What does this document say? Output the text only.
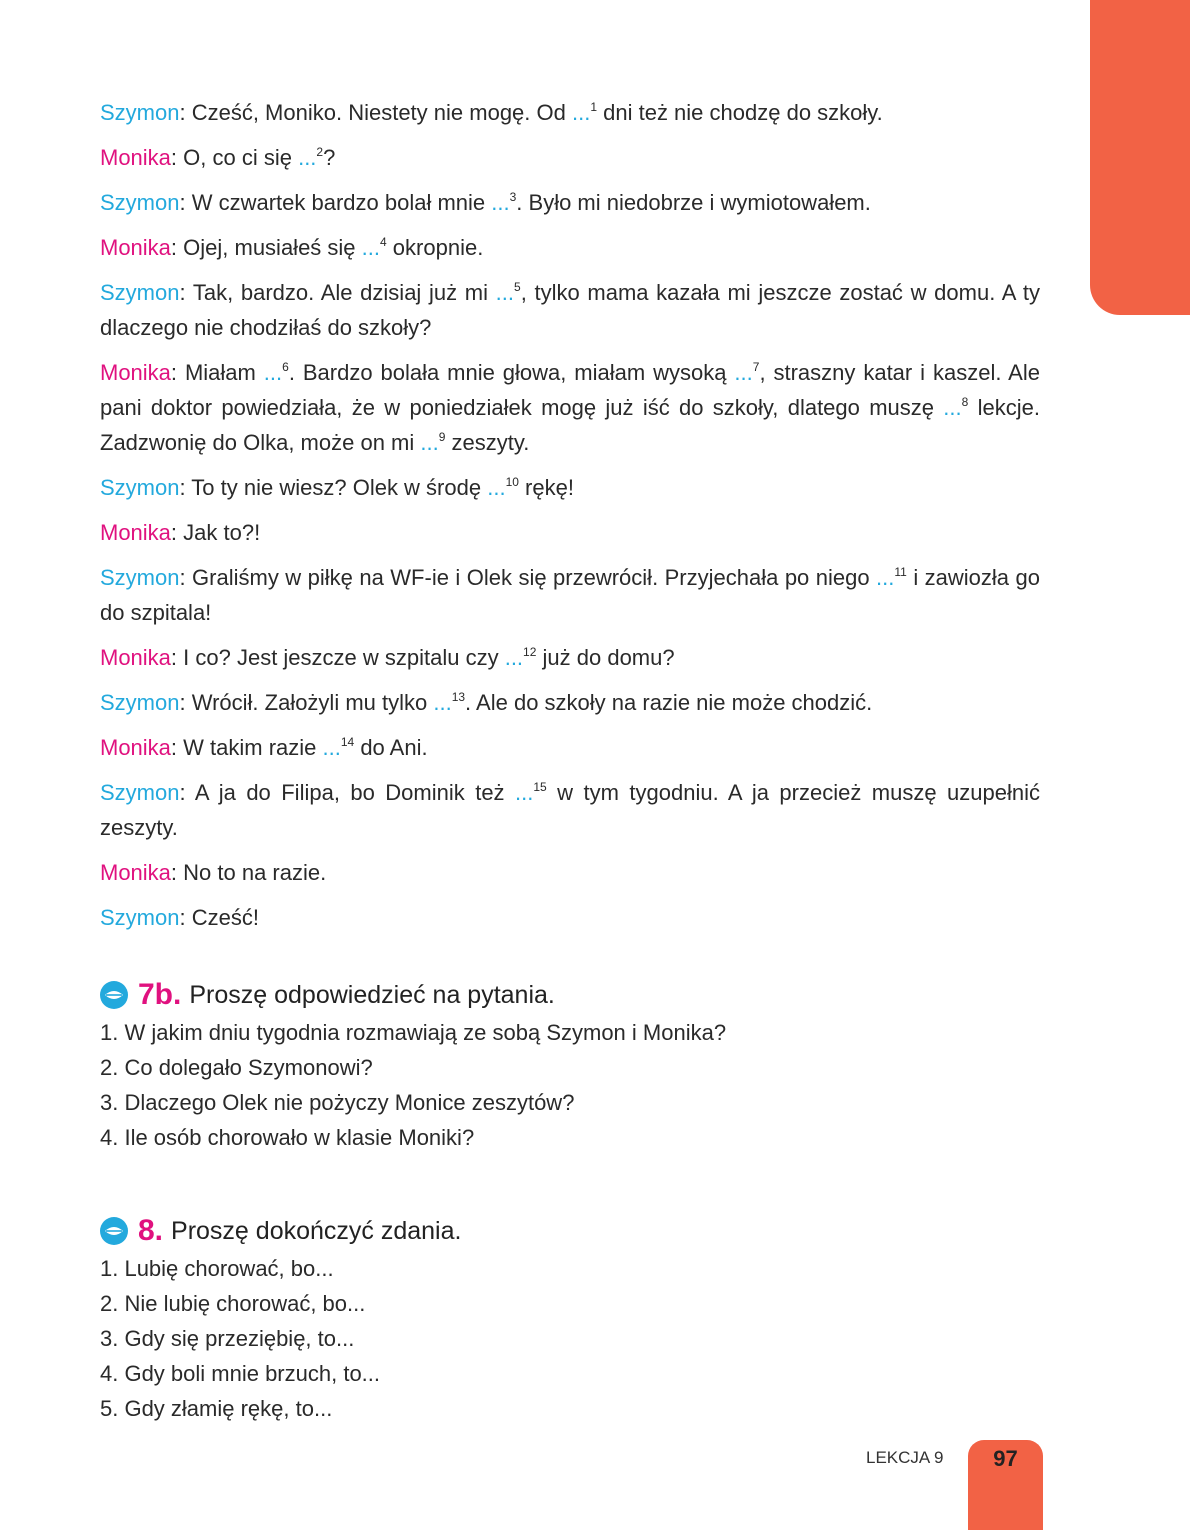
Szymon: Cześć, Moniko. Niestety nie mogę. Od ...$^1$ dni też nie chodzę do szkoły.

Monika: O, co ci się ...$^2$?

Szymon: W czwartek bardzo bolał mnie ...$^3$. Było mi niedobrze i wymiotowałem.

Monika: Ojej, musiałeś się ...$^4$ okropnie.

Szymon: Tak, bardzo. Ale dzisiaj już mi ...$^5$, tylko mama kazała mi jeszcze zostać w domu. A ty dlaczego nie chodziłaś do szkoły?

Monika: Miałam ...$^6$. Bardzo bolała mnie głowa, miałam wysoką ...$^7$, straszny katar i kaszel. Ale pani doktor powiedziała, że w poniedziałek mogę już iść do szkoły, dlatego muszę ...$^8$ lekcje. Zadzwonię do Olka, może on mi ...$^9$ zeszyty.

Szymon: To ty nie wiesz? Olek w środę ...$^{10}$ rękę!

Monika: Jak to?!

Szymon: Graliśmy w piłkę na WF-ie i Olek się przewrócił. Przyjechała po niego ...$^{11}$ i zawiozła go do szpitala!

Monika: I co? Jest jeszcze w szpitalu czy ...$^{12}$ już do domu?

Szymon: Wrócił. Założyli mu tylko ...$^{13}$. Ale do szkoły na razie nie może chodzić.

Monika: W takim razie ...$^{14}$ do Ani.

Szymon: A ja do Filipa, bo Dominik też ...$^{15}$ w tym tygodniu. A ja przecież muszę uzupełnić zeszyty.

Monika: No to na razie.

Szymon: Cześć!

7b. Proszę odpowiedzieć na pytania.
1. W jakim dniu tygodnia rozmawiają ze sobą Szymon i Monika?
2. Co dolegało Szymonowi?
3. Dlaczego Olek nie pożyczy Monice zeszytów?
4. Ile osób chorowało w klasie Moniki?
8. Proszę dokończyć zdania.
1. Lubię chorować, bo...
2. Nie lubię chorować, bo...
3. Gdy się przeziębię, to...
4. Gdy boli mnie brzuch, to...
5. Gdy złamię rękę, to...
LEKCJA 9	97
